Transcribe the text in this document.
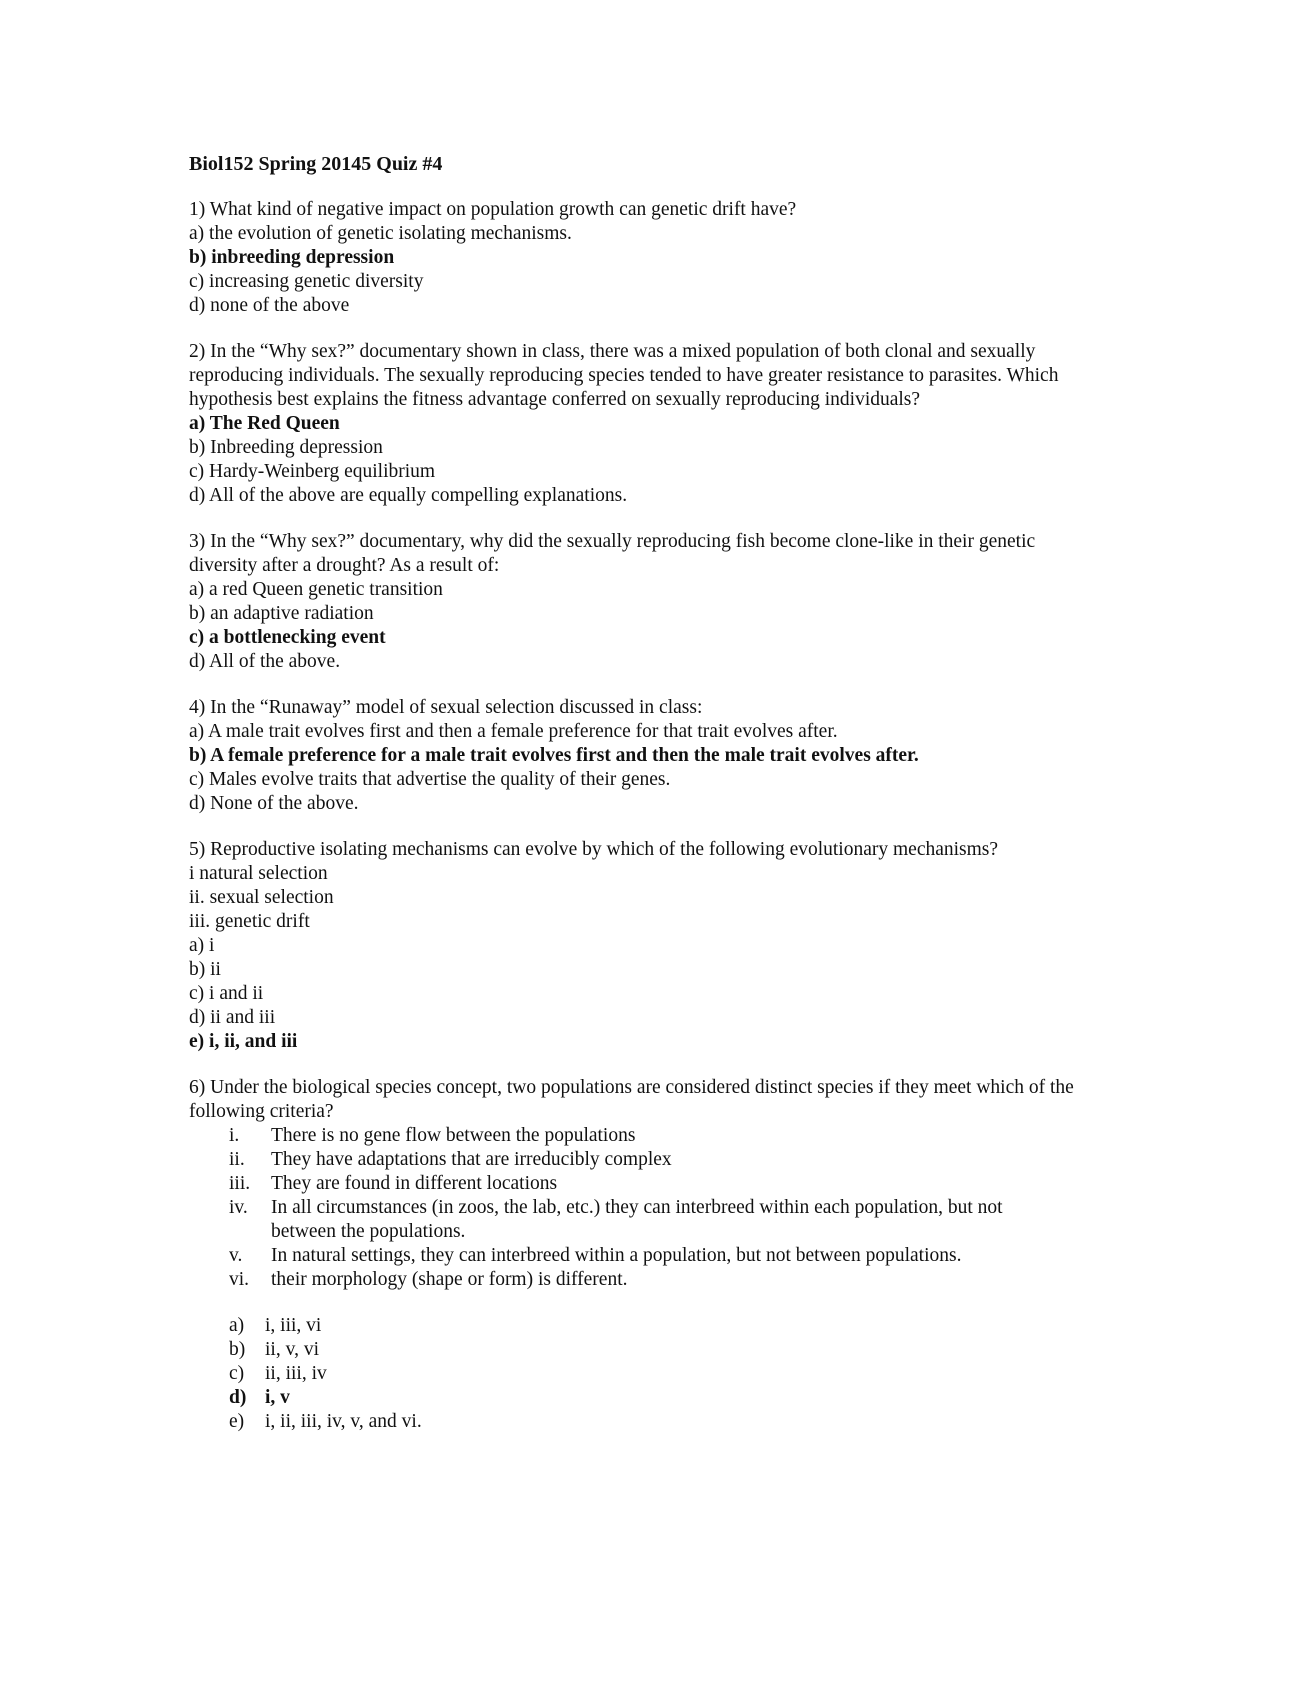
Biol152 Spring 20145 Quiz #4
1) What kind of negative impact on population growth can genetic drift have?
a) the evolution of genetic isolating mechanisms.
b) inbreeding depression
c) increasing genetic diversity
d) none of the above
2) In the “Why sex?” documentary shown in class, there was a mixed population of both clonal and sexually reproducing individuals. The sexually reproducing species tended to have greater resistance to parasites. Which hypothesis best explains the fitness advantage conferred on sexually reproducing individuals?
a) The Red Queen
b) Inbreeding depression
c) Hardy-Weinberg equilibrium
d) All of the above are equally compelling explanations.
3) In the “Why sex?” documentary, why did the sexually reproducing fish become clone-like in their genetic diversity after a drought? As a result of:
a) a red Queen genetic transition
b) an adaptive radiation
c) a bottlenecking event
d) All of the above.
4) In the “Runaway” model of sexual selection discussed in class:
a) A male trait evolves first and then a female preference for that trait evolves after.
b) A female preference for a male trait evolves first and then the male trait evolves after.
c) Males evolve traits that advertise the quality of their genes.
d) None of the above.
5) Reproductive isolating mechanisms can evolve by which of the following evolutionary mechanisms?
i natural selection
ii. sexual selection
iii. genetic drift
a) i
b) ii
c) i and ii
d) ii and iii
e) i, ii, and iii
6) Under the biological species concept, two populations are considered distinct species if they meet which of the following criteria?
i.	There is no gene flow between the populations
ii.	They have adaptations that are irreducibly complex
iii.	They are found in different locations
iv.	In all circumstances (in zoos, the lab, etc.) they can interbreed within each population, but not between the populations.
v.	In natural settings, they can interbreed within a population, but not between populations.
vi.	their morphology (shape or form) is different.
a)	i, iii, vi
b)	ii, v, vi
c)	ii, iii, iv
d) i, v
e)	i, ii, iii, iv, v, and vi.
